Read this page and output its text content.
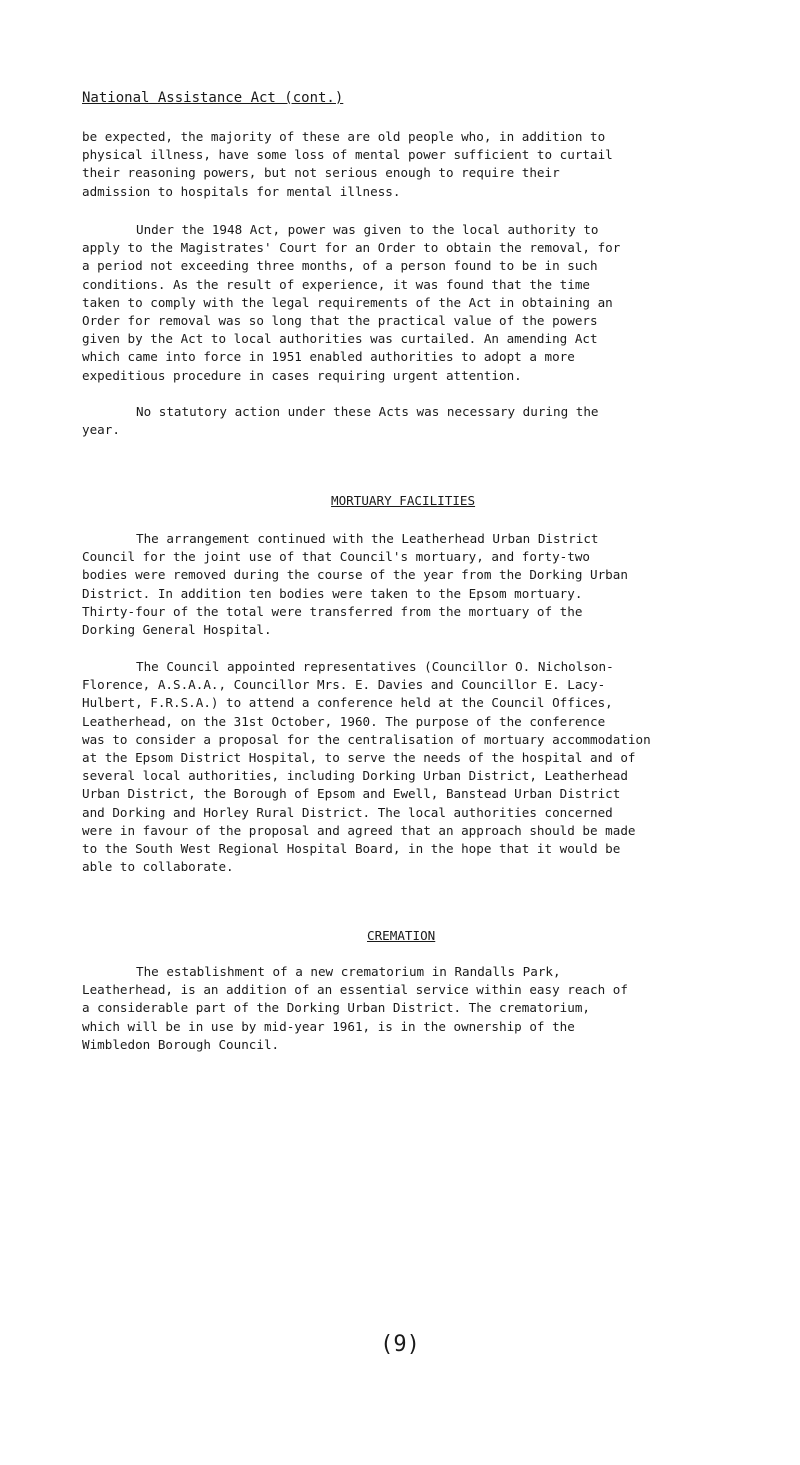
National Assistance Act (cont.)
be expected, the majority of these are old people who, in addition to
physical illness, have some loss of mental power sufficient to curtail
their reasoning powers, but not serious enough to require their
admission to hospitals for mental illness.
Under the 1948 Act, power was given to the local authority to
apply to the Magistrates' Court for an Order to obtain the removal, for
a period not exceeding three months, of a person found to be in such
conditions. As the result of experience, it was found that the time
taken to comply with the legal requirements of the Act in obtaining an
Order for removal was so long that the practical value of the powers
given by the Act to local authorities was curtailed. An amending Act
which came into force in 1951 enabled authorities to adopt a more
expeditious procedure in cases requiring urgent attention.
No statutory action under these Acts was necessary during the
year.
MORTUARY FACILITIES
The arrangement continued with the Leatherhead Urban District
Council for the joint use of that Council's mortuary, and forty-two
bodies were removed during the course of the year from the Dorking Urban
District. In addition ten bodies were taken to the Epsom mortuary.
Thirty-four of the total were transferred from the mortuary of the
Dorking General Hospital.
The Council appointed representatives (Councillor O. Nicholson-
Florence, A.S.A.A., Councillor Mrs. E. Davies and Councillor E. Lacy-
Hulbert, F.R.S.A.) to attend a conference held at the Council Offices,
Leatherhead, on the 31st October, 1960. The purpose of the conference
was to consider a proposal for the centralisation of mortuary accommodation
at the Epsom District Hospital, to serve the needs of the hospital and of
several local authorities, including Dorking Urban District, Leatherhead
Urban District, the Borough of Epsom and Ewell, Banstead Urban District
and Dorking and Horley Rural District. The local authorities concerned
were in favour of the proposal and agreed that an approach should be made
to the South West Regional Hospital Board, in the hope that it would be
able to collaborate.
CREMATION
The establishment of a new crematorium in Randalls Park,
Leatherhead, is an addition of an essential service within easy reach of
a considerable part of the Dorking Urban District. The crematorium,
which will be in use by mid-year 1961, is in the ownership of the
Wimbledon Borough Council.
(9)
